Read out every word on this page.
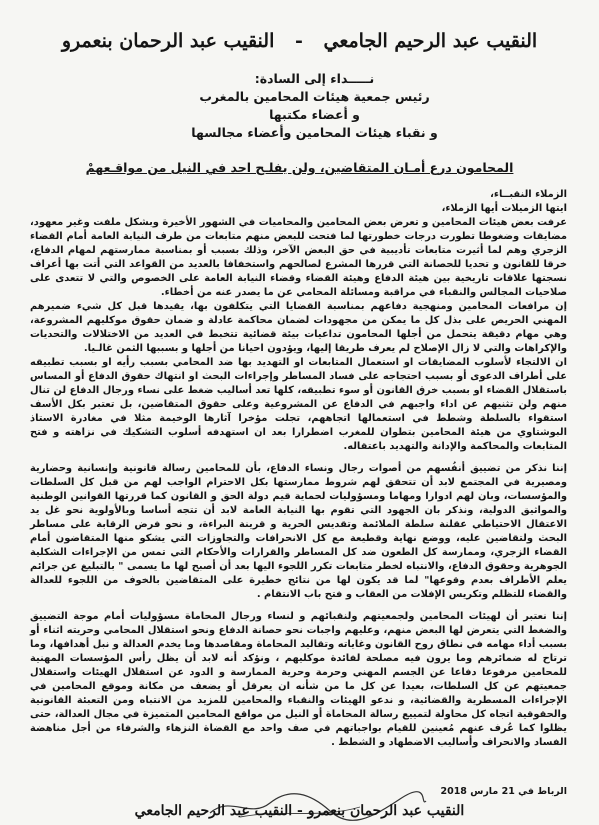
النقيب عبد الرحيم الجامعي - النقيب عبد الرحمان بنعمرو
نـــــداء إلى السادة:
رئيس جمعية هيئات المحامين بالمغرب
و أعضاء مكتبها
و نقباء هيئات المحامين وأعضاء مجالسها
المحامون درع أمـان المتقاضين، ولن يفلـح احد في النيل من مواقـعهمْ

الزملاء النقبــاء،

ايتها الزميلات أيها الزملاء،

عرفت بعض هيئات المحامين و تعرض بعض المحامين والمحاميات في الشهور الأخيرة وبشكل ملفت وغير معهود، مضايقات وضغوطا تطورت درجات خطورتها لما فتحت للبعض منهم متابعات من طرف النيابة العامة أمام القضاء الزجري وهم لما أثيرت متابعات تأديبية في حق البعض الآخر، وذلك بسبب أو بمناسبة ممارستهم لمهام الدفاع، خرقا للقانون و تحديا للحصانة التي قررها المشرع لصالحهم واستخفافا بالعديد من القواعد التي أتت بها أعراف نسجتها علاقات تاريخية بين هيئة الدفاع وهيئة القضاء وقضاء النيابة العامة على الخصوص والتي لا تتعدى على صلاحيات المجالس والنقباء في مراقبة ومسائلة المحامي عن ما يصدر عنه من أخطاء.

إن مرافعات المحامين ومنهجية دفاعهم بمناسبة القضايا التي يتكلفون بها، يقيدها قبل كل شيء ضميرهم المهني الحريص على بذل كل ما يمكن من مجهودات لضمان محاكمة عادلة و ضمان حقوق موكليهم المشروعة، وهي مهام دقيقة يتحمل من أجلها المحامون تداعيات بيئة قضائية تتخبط في العديد من الاختلالات والتحديات والإكراهات والتي لا زال الإصلاح لم يعرف طريقا إليها، ويؤدون احيانا من أجلها و بسببها الثمن غالـيا.

ان الالتجاء لأسلوب المضايقات او استعمال المتابعات او التهديد بها ضد المحامي بسبب رأيه او بسبب تطبيقه على أطراف الدعوى أو بسبب احتجاجه على فساد المساطر وإجراءات البحث او انتهاك حقوق الدفاع أو المساس باستقلال القضاء او بسبب خرق القانون أو سوء تطبيقه، كلها تعد أساليب ضغط على نساء ورجال الدفاع لن تنال منهم ولن تثنيهم عن اداء واجبهم في الدفاع عن المشروعية وعلى حقوق المتقاضين، بل تعتبر بكل الأسف استقواء بالسلطة وشطط في استعمالها اتجاههم، تجلت مؤخرا آثارها الوخيمة مثلا في مغادرة الاستاذ البوشتاوي من هيئة المحامين بتطوان للمغرب اضطرارا بعد ان استهدفه أسلوب التشكيك في نزاهته و فتح المتابعات والمحاكمة والإدانة والتهديد باعتقاله.

إننا نذكر من تضييق أنفُسهم من أصوات رجال ونساء الدفاع، بأن للمحامين رسالة قانونية وإنسانية وحضارية ومصيرية في المجتمع لابد أن تتحقق لهم شروط ممارستها بكل الاحترام الواجب لهم من قبل كل السلطات والمؤسسات، وبان لهم ادوارا ومهاما ومسؤوليات لحماية قيم دولة الحق و القانون كما قررتها القوانين الوطنية والمواثيق الدولية، ونذكر بان الجهود التي تقوم بها النيابة العامة لابد أن تتجه أساسا وبالأولوية نحو غل يد الاعتقال الاحتياطي عقلنة سلطة الملائمة وتقديس الحرية و قرينة البراءة، و نحو فرض الرقابة على مساطر البحث ولتقاضين عليه، ووضع نهاية وقطيعة مع كل الانحرافات والتجاوزات التي يشكو منها المتقاضون أمام القضاء الزجري، وممارسة كل الطعون ضد كل المساطر والقرارات والأحكام التي تمس من الإجراءات الشكلية الجوهرية وحقوق الدفاع، والانتباه لخطر متابعات تكرر اللجوء اليها بعد أن أصبح لها ما يسمى " بالتبليغ عن جرائم يعلم الأطراف بعدم وقوعها" لما قد يكون لها من نتائج خطيرة على المتقاضين بالخوف من اللجوء للعدالة والقضاء للتظلم وتكريس الإفلات من العقاب و فتح باب الانتقام .

إننا نعتبر أن لهيئات المحامين ولجمعيتهم ولنقبائهم و لنساء ورجال المحاماة مسؤوليات أمام موجة التضييق والضغط التي يتعرض لها البعض منهم، وعليهم واجبات نحو حصانة الدفاع ونحو استقلال المحامي وحريته اثناء أو بسبب أداء مهامه في نطاق روح القانون وغاياته وتقاليد المحاماة ومقاصدها وما يخدم العدالة و نبل أهدافها، وما ترتاح له ضمائرهم وما يرون فيه مصلحة لفائدة موكليهم ، ونؤكد أنه لابد أن يظل رأس المؤسسات المهنية للمحامين مرفوعا دفاعا عن الجسم المهني وحرمة وحرية الممارسة و الدود عن استقلال الهيئات واستقلال جمعيتهم عن كل السلطات، بعيدا عن كل ما من شأنه ان يعرقل أو يضعف من مكانة وموقع المحامين في الإجراءات المسطرية والقضائية، و ندعو الهيئات والنقباء والمحامين للمزيد من الانتباه ومن التعبئة القانونية والحقوقية اتجاه كل محاولة لتمييع رسالة المحاماة أو النيل من مواقع المحامين المتميزة في مجال العدالة، حتى يظلوا كما عُرف عنهم مُعينين للقيام بواجباتهم في صف واحد مع القضاة النزهاء والشرفاء من أجل مناهضة الفساد والانحراف وأساليب الاضطهاد و الشطط .

الرباط في 21 مارس 2018
النقيب عبد الرحمان بنعمرو - النقيب عبد الرحيم الجامعي
